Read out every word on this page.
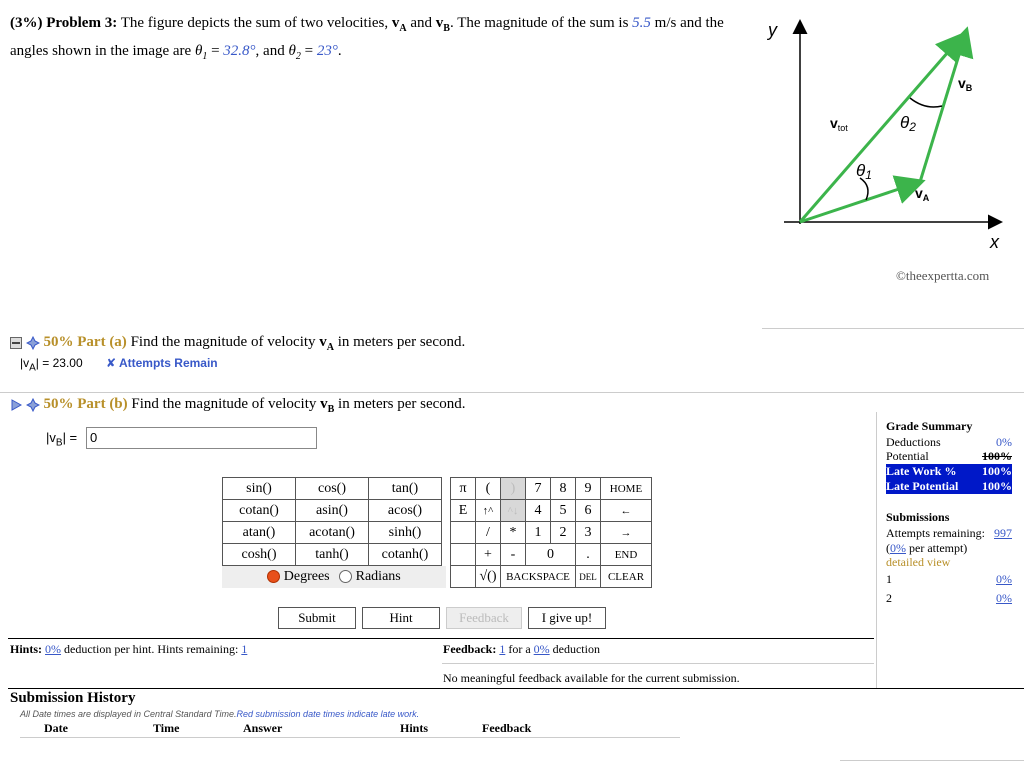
(3%) Problem 3: The figure depicts the sum of two velocities, $v_A$ and $v_B$. The magnitude of the sum is 5.5 m/s and the angles shown in the image are $\theta_1 = 32.8^\circ$, and $\theta_2 = 23^\circ$.
y
x
$v_{tot}$
$v_A$
$v_B$
θ1
θ2
©theexpertta.com
50% Part (a) Find the magnitude of velocity $v_A$ in meters per second.
$|v_A| = 23.00$ ✘ Attempts Remain
50% Part (b) Find the magnitude of velocity $v_B$ in meters per second.
$|v_B| = 0$
sin()	cos()	tan()
cotan()	asin()	acos()
atan()	acotan()	sinh()
cosh()	tanh()	cotanh()
Degrees Radians
π	(	)	7	8	9	HOME
E	↑^	^↓	4	5	6	←
	/	*	1	2	3	→
	+	-	0		.	END
	√()	BACKSPACE			DEL	CLEAR
Submit	Hint	Feedback	I give up!
Hints: 0% deduction per hint. Hints remaining: 1	Feedback: 1 for a 0% deduction
No meaningful feedback available for the current submission.
Submission History
All Date times are displayed in Central Standard Time.Red submission date times indicate late work.
Date	Time	Answer	Hints	Feedback
Grade Summary
Deductions	0%
Potential	100%
Late Work % 100%
Late Potential 100%
Submissions
Attempts remaining: 997
(0% per attempt)
detailed view
1	0%
2	0%
